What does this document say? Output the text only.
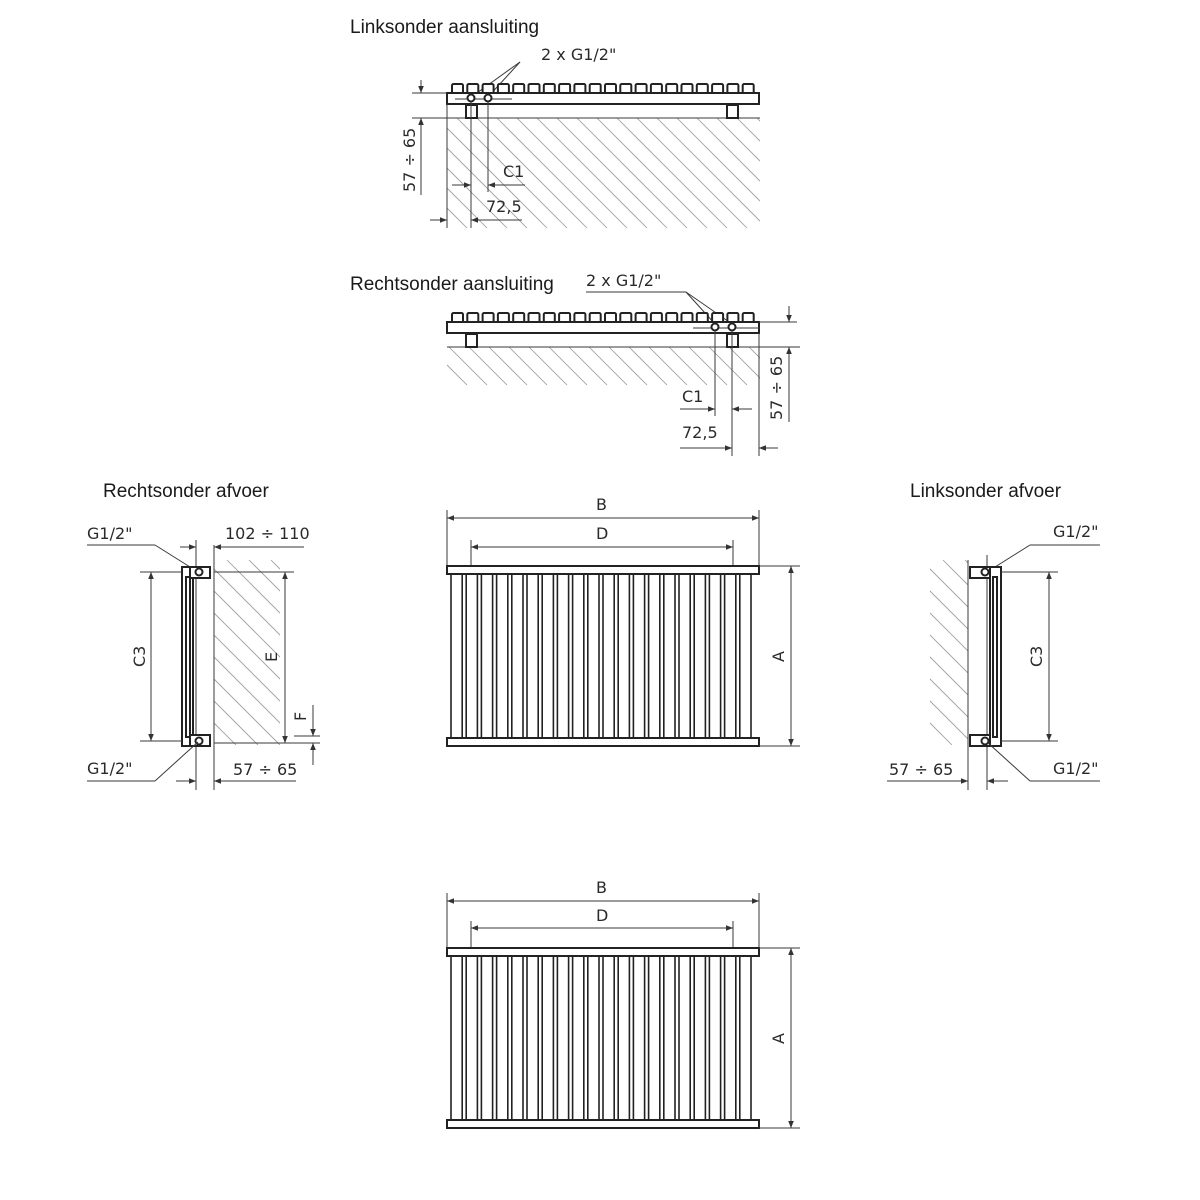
Linksonder aansluiting
2 x G1/2"
57 ÷ 65	C1
72,5
Rechtsonder aansluiting 2 x G1/2"
57 ÷ 65
C1
72,5
Rechtsonder afvoer
G1/2"	102 ÷ 110
C3	E
F
G1/2"	57 ÷ 65
Linksonder afvoer
G1/2"
C3
G1/2"
57 ÷ 65
B
D
A
B
D
A
